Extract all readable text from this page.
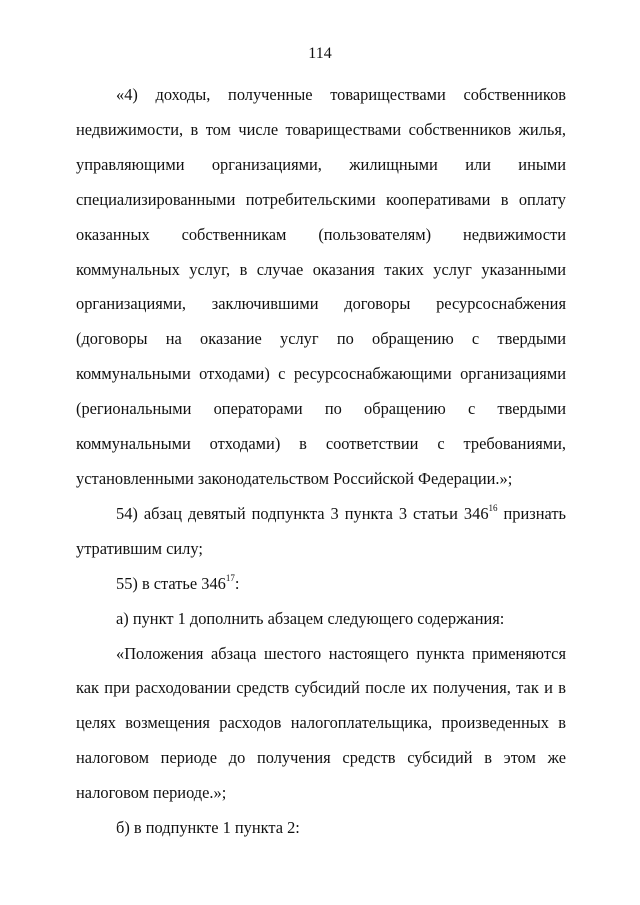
114

«4) доходы, полученные товариществами собственников недвижимости, в том числе товариществами собственников жилья, управляющими организациями, жилищными или иными специализированными потребительскими кооперативами в оплату оказанных собственникам (пользователям) недвижимости коммунальных услуг, в случае оказания таких услуг указанными организациями, заключившими договоры ресурсоснабжения (договоры на оказание услуг по обращению с твердыми коммунальными отходами) с ресурсоснабжающими организациями (региональными операторами по обращению с твердыми коммунальными отходами) в соответствии с требованиями, установленными законодательством Российской Федерации.»;

54) абзац девятый подпункта 3 пункта 3 статьи $346^{16}$ признать утратившим силу;

55) в статье $346^{17}$:

а) пункт 1 дополнить абзацем следующего содержания:

«Положения абзаца шестого настоящего пункта применяются как при расходовании средств субсидий после их получения, так и в целях возмещения расходов налогоплательщика, произведенных в налоговом периоде до получения средств субсидий в этом же налоговом периоде.»;

б) в подпункте 1 пункта 2:
